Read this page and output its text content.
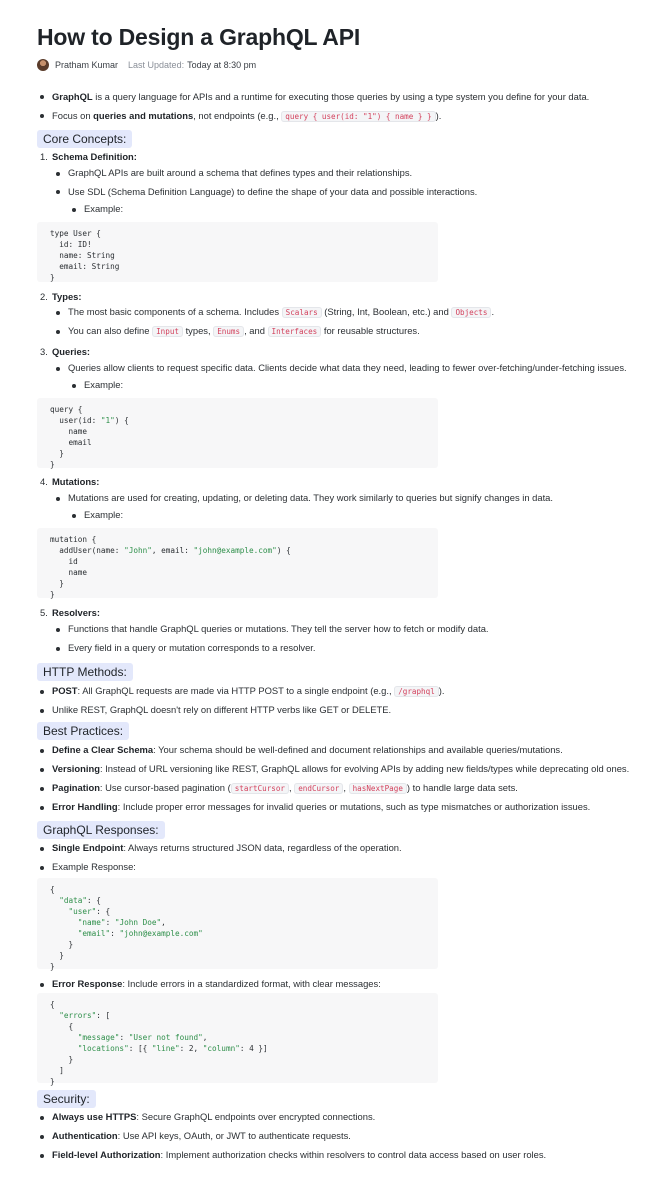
How to Design a GraphQL API
Pratham Kumar Last Updated: Today at 8:30 pm
GraphQL is a query language for APIs and a runtime for executing those queries by using a type system you define for your data.
Focus on queries and mutations, not endpoints (e.g., query { user(id: "1") { name } } ).
Core Concepts:
1. Schema Definition:
GraphQL APIs are built around a schema that defines types and their relationships.
Use SDL (Schema Definition Language) to define the shape of your data and possible interactions.
Example:
type User {
id: ID!
name: String
email: String
}
2. Types:
The most basic components of a schema. Includes Scalars (String, Int, Boolean, etc.) and Objects .
You can also define Input types, Enums , and Interfaces for reusable structures.
3. Queries:
Queries allow clients to request specific data. Clients decide what data they need, leading to fewer over-fetching/under-fetching issues.
Example:
query {
user(id: "1") {
name
email
}
}
4. Mutations:
Mutations are used for creating, updating, or deleting data. They work similarly to queries but signify changes in data.
Example:
mutation {
addUser(name: "John", email: "john@example.com") {
id
name
}
}
5. Resolvers:
Functions that handle GraphQL queries or mutations. They tell the server how to fetch or modify data.
Every field in a query or mutation corresponds to a resolver.
HTTP Methods:
POST: All GraphQL requests are made via HTTP POST to a single endpoint (e.g., /graphql ).
Unlike REST, GraphQL doesn't rely on different HTTP verbs like GET or DELETE.
Best Practices:
Define a Clear Schema: Your schema should be well-defined and document relationships and available queries/mutations.
Versioning: Instead of URL versioning like REST, GraphQL allows for evolving APIs by adding new fields/types while deprecating old ones.
Pagination: Use cursor-based pagination ( startCursor , endCursor , hasNextPage ) to handle large data sets.
Error Handling: Include proper error messages for invalid queries or mutations, such as type mismatches or authorization issues.
GraphQL Responses:
Single Endpoint: Always returns structured JSON data, regardless of the operation.
Example Response:
{
"data": {
"user": {
"name": "John Doe",
"email": "john@example.com"
}
}
}
Error Response: Include errors in a standardized format, with clear messages:
{
"errors": [
{
"message": "User not found",
"locations": [{ "line": 2, "column": 4 }]
}
]
}
Security:
Always use HTTPS: Secure GraphQL endpoints over encrypted connections.
Authentication: Use API keys, OAuth, or JWT to authenticate requests.
Field-level Authorization: Implement authorization checks within resolvers to control data access based on user roles.
